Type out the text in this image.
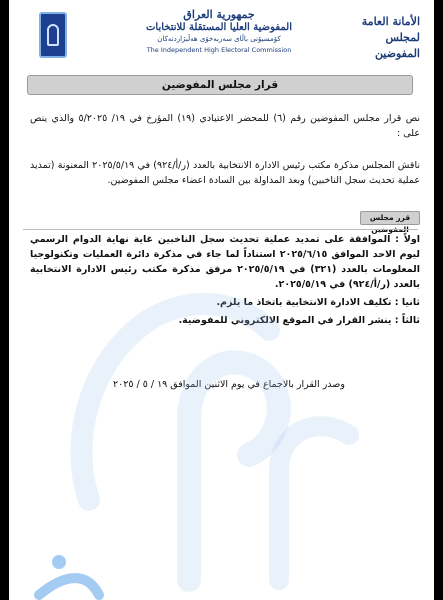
جمهورية العراق
المفوضية العليا المستقلة للانتخابات
كۆمسیۆنی باڵای سەربەخۆی هەڵبژاردنەکان
The Independent High Electoral Commission
الأمانة العامة
لمجلس المفوضين
قرار مجلس المفوضين
نص قرار مجلس المفوضين رقم (٦) للمحضر الاعتيادي (١٩) المؤرخ في ١٩/ ٥/٢٠٢٥ والذي ينص على :
ناقش المجلس مذكرة مكتب رئيس الادارة الانتخابية بالعدد (ر/أ/٩٢٤) في ٢٠٢٥/٥/١٩ المعنونة (تمديد عملية تحديث سجل الناخبين) وبعد المداولة بين السادة اعضاء مجلس المفوضين.
قرر مجلس
اولاً : الموافقة على تمديد عملية تحديث سجل الناخبين غاية نهاية الدوام الرسمي ليوم الاحد الموافق ٢٠٢٥/٦/١٥ استناداً لما جاء في مذكرة دائرة العمليات وتكنولوجيا المعلومات بالعدد (٣٢١) في ٢٠٢٥/٥/١٩ مرفق مذكرة مكتب رئيس الادارة الانتخابية بالعدد (ر/أ/٩٢٤) في ٢٠٢٥/٥/١٩.
ثانيا : تكليف الادارة الانتخابية باتخاذ ما يلزم.
ثالثاً : ينشر القرار في الموقع الالكتروني للمفوضية.
وصدر القرار بالاجماع في يوم الاثنين الموافق ١٩ / ٥ / ٢٠٢٥
